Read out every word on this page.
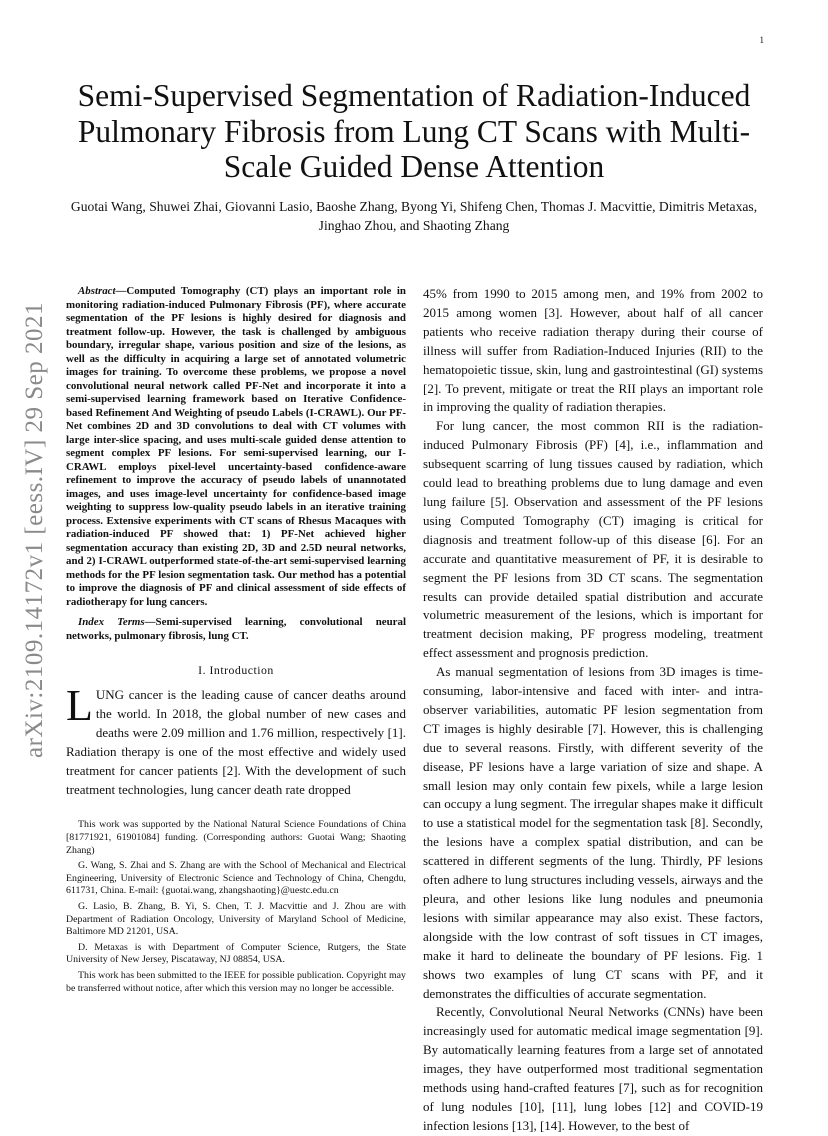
1
arXiv:2109.14172v1 [eess.IV] 29 Sep 2021
Semi-Supervised Segmentation of Radiation-Induced Pulmonary Fibrosis from Lung CT Scans with Multi-Scale Guided Dense Attention

Guotai Wang, Shuwei Zhai, Giovanni Lasio, Baoshe Zhang, Byong Yi, Shifeng Chen, Thomas J. Macvittie, Dimitris Metaxas, Jinghao Zhou, and Shaoting Zhang

Abstract—Computed Tomography (CT) plays an important role in monitoring radiation-induced Pulmonary Fibrosis (PF), where accurate segmentation of the PF lesions is highly desired for diagnosis and treatment follow-up. However, the task is challenged by ambiguous boundary, irregular shape, various position and size of the lesions, as well as the difficulty in acquiring a large set of annotated volumetric images for training. To overcome these problems, we propose a novel convolutional neural network called PF-Net and incorporate it into a semi-supervised learning framework based on Iterative Confidence-based Refinement And Weighting of pseudo Labels (I-CRAWL). Our PF-Net combines 2D and 3D convolutions to deal with CT volumes with large inter-slice spacing, and uses multi-scale guided dense attention to segment complex PF lesions. For semi-supervised learning, our I-CRAWL employs pixel-level uncertainty-based confidence-aware refinement to improve the accuracy of pseudo labels of unannotated images, and uses image-level uncertainty for confidence-based image weighting to suppress low-quality pseudo labels in an iterative training process. Extensive experiments with CT scans of Rhesus Macaques with radiation-induced PF showed that: 1) PF-Net achieved higher segmentation accuracy than existing 2D, 3D and 2.5D neural networks, and 2) I-CRAWL outperformed state-of-the-art semi-supervised learning methods for the PF lesion segmentation task. Our method has a potential to improve the diagnosis of PF and clinical assessment of side effects of radiotherapy for lung cancers.

Index Terms—Semi-supervised learning, convolutional neural networks, pulmonary fibrosis, lung CT.

I. Introduction

LUNG cancer is the leading cause of cancer deaths around the world. In 2018, the global number of new cases and deaths were 2.09 million and 1.76 million, respectively [1]. Radiation therapy is one of the most effective and widely used treatment for cancer patients [2]. With the development of such treatment technologies, lung cancer death rate dropped

This work was supported by the National Natural Science Foundations of China [81771921, 61901084] funding. (Corresponding authors: Guotai Wang; Shaoting Zhang)

G. Wang, S. Zhai and S. Zhang are with the School of Mechanical and Electrical Engineering, University of Electronic Science and Technology of China, Chengdu, 611731, China. E-mail: {guotai.wang, zhangshaoting}@uestc.edu.cn

G. Lasio, B. Zhang, B. Yi, S. Chen, T. J. Macvittie and J. Zhou are with Department of Radiation Oncology, University of Maryland School of Medicine, Baltimore MD 21201, USA.

D. Metaxas is with Department of Computer Science, Rutgers, the State University of New Jersey, Piscataway, NJ 08854, USA.

This work has been submitted to the IEEE for possible publication. Copyright may be transferred without notice, after which this version may no longer be accessible.

45% from 1990 to 2015 among men, and 19% from 2002 to 2015 among women [3]. However, about half of all cancer patients who receive radiation therapy during their course of illness will suffer from Radiation-Induced Injuries (RII) to the hematopoietic tissue, skin, lung and gastrointestinal (GI) systems [2]. To prevent, mitigate or treat the RII plays an important role in improving the quality of radiation therapies.

For lung cancer, the most common RII is the radiation-induced Pulmonary Fibrosis (PF) [4], i.e., inflammation and subsequent scarring of lung tissues caused by radiation, which could lead to breathing problems due to lung damage and even lung failure [5]. Observation and assessment of the PF lesions using Computed Tomography (CT) imaging is critical for diagnosis and treatment follow-up of this disease [6]. For an accurate and quantitative measurement of PF, it is desirable to segment the PF lesions from 3D CT scans. The segmentation results can provide detailed spatial distribution and accurate volumetric measurement of the lesions, which is important for treatment decision making, PF progress modeling, treatment effect assessment and prognosis prediction.

As manual segmentation of lesions from 3D images is time-consuming, labor-intensive and faced with inter- and intra-observer variabilities, automatic PF lesion segmentation from CT images is highly desirable [7]. However, this is challenging due to several reasons. Firstly, with different severity of the disease, PF lesions have a large variation of size and shape. A small lesion may only contain few pixels, while a large lesion can occupy a lung segment. The irregular shapes make it difficult to use a statistical model for the segmentation task [8]. Secondly, the lesions have a complex spatial distribution, and can be scattered in different segments of the lung. Thirdly, PF lesions often adhere to lung structures including vessels, airways and the pleura, and other lesions like lung nodules and pneumonia lesions with similar appearance may also exist. These factors, alongside with the low contrast of soft tissues in CT images, make it hard to delineate the boundary of PF lesions. Fig. 1 shows two examples of lung CT scans with PF, and it demonstrates the difficulties of accurate segmentation.

Recently, Convolutional Neural Networks (CNNs) have been increasingly used for automatic medical image segmentation [9]. By automatically learning features from a large set of annotated images, they have outperformed most traditional segmentation methods using hand-crafted features [7], such as for recognition of lung nodules [10], [11], lung lobes [12] and COVID-19 infection lesions [13], [14]. However, to the best of
